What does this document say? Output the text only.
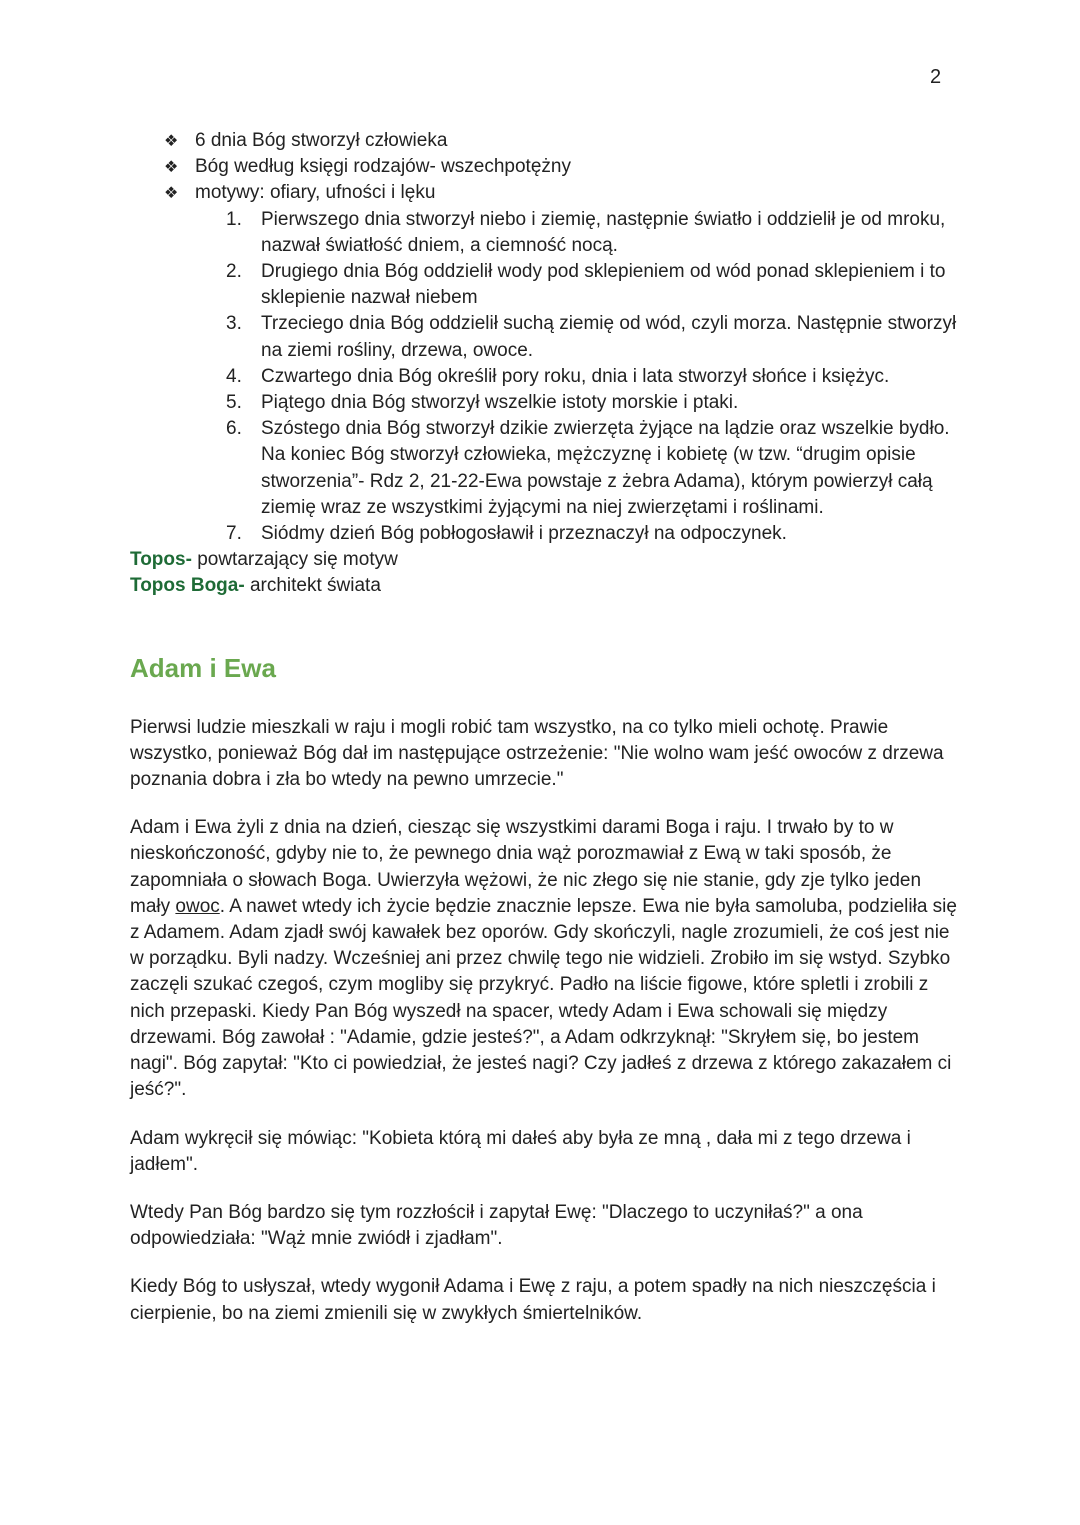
2
❖ 6 dnia Bóg stworzył człowieka
❖ Bóg według księgi rodzajów- wszechpotężny
❖ motywy: ofiary, ufności i lęku
1. Pierwszego dnia stworzył niebo i ziemię, następnie światło i oddzielił je od mroku, nazwał światłość dniem, a ciemność nocą.
2. Drugiego dnia Bóg oddzielił wody pod sklepieniem od wód ponad sklepieniem i to sklepienie nazwał niebem
3. Trzeciego dnia Bóg oddzielił suchą ziemię od wód, czyli morza. Następnie stworzył na ziemi rośliny, drzewa, owoce.
4. Czwartego dnia Bóg określił pory roku, dnia i lata stworzył słońce i księżyc.
5. Piątego dnia Bóg stworzył wszelkie istoty morskie i ptaki.
6. Szóstego dnia Bóg stworzył dzikie zwierzęta żyjące na lądzie oraz wszelkie bydło. Na koniec Bóg stworzył człowieka, mężczyznę i kobietę (w tzw. “drugim opisie stworzenia”- Rdz 2, 21-22-Ewa powstaje z żebra Adama), którym powierzył całą ziemię wraz ze wszystkimi żyjącymi na niej zwierzętami i roślinami.
7. Siódmy dzień Bóg pobłogosławił i przeznaczył na odpoczynek.

Topos- powtarzający się motyw

Topos Boga- architekt świata

Adam i Ewa

Pierwsi ludzie mieszkali w raju i mogli robić tam wszystko, na co tylko mieli ochotę. Prawie wszystko, ponieważ Bóg dał im następujące ostrzeżenie: "Nie wolno wam jeść owoców z drzewa poznania dobra i zła bo wtedy na pewno umrzecie."

Adam i Ewa żyli z dnia na dzień, ciesząc się wszystkimi darami Boga i raju. I trwało by to w nieskończoność, gdyby nie to, że pewnego dnia wąż porozmawiał z Ewą w taki sposób, że zapomniała o słowach Boga. Uwierzyła wężowi, że nic złego się nie stanie, gdy zje tylko jeden mały owoc. A nawet wtedy ich życie będzie znacznie lepsze. Ewa nie była samoluba, podzieliła się z Adamem. Adam zjadł swój kawałek bez oporów. Gdy skończyli, nagle zrozumieli, że coś jest nie w porządku. Byli nadzy. Wcześniej ani przez chwilę tego nie widzieli. Zrobiło im się wstyd. Szybko zaczęli szukać czegoś, czym mogliby się przykryć. Padło na liście figowe, które spletli i zrobili z nich przepaski. Kiedy Pan Bóg wyszedł na spacer, wtedy Adam i Ewa schowali się między drzewami. Bóg zawołał : "Adamie, gdzie jesteś?", a Adam odkrzyknął: "Skryłem się, bo jestem nagi". Bóg zapytał: "Kto ci powiedział, że jesteś nagi? Czy jadłeś z drzewa z którego zakazałem ci jeść?".

Adam wykręcił się mówiąc: "Kobieta którą mi dałeś aby była ze mną , dała mi z tego drzewa i jadłem".

Wtedy Pan Bóg bardzo się tym rozzłościł i zapytał Ewę: "Dlaczego to uczyniłaś?" a ona odpowiedziała: "Wąż mnie zwiódł i zjadłam".

Kiedy Bóg to usłyszał, wtedy wygonił Adama i Ewę z raju, a potem spadły na nich nieszczęścia i cierpienie, bo na ziemi zmienili się w zwykłych śmiertelników.
